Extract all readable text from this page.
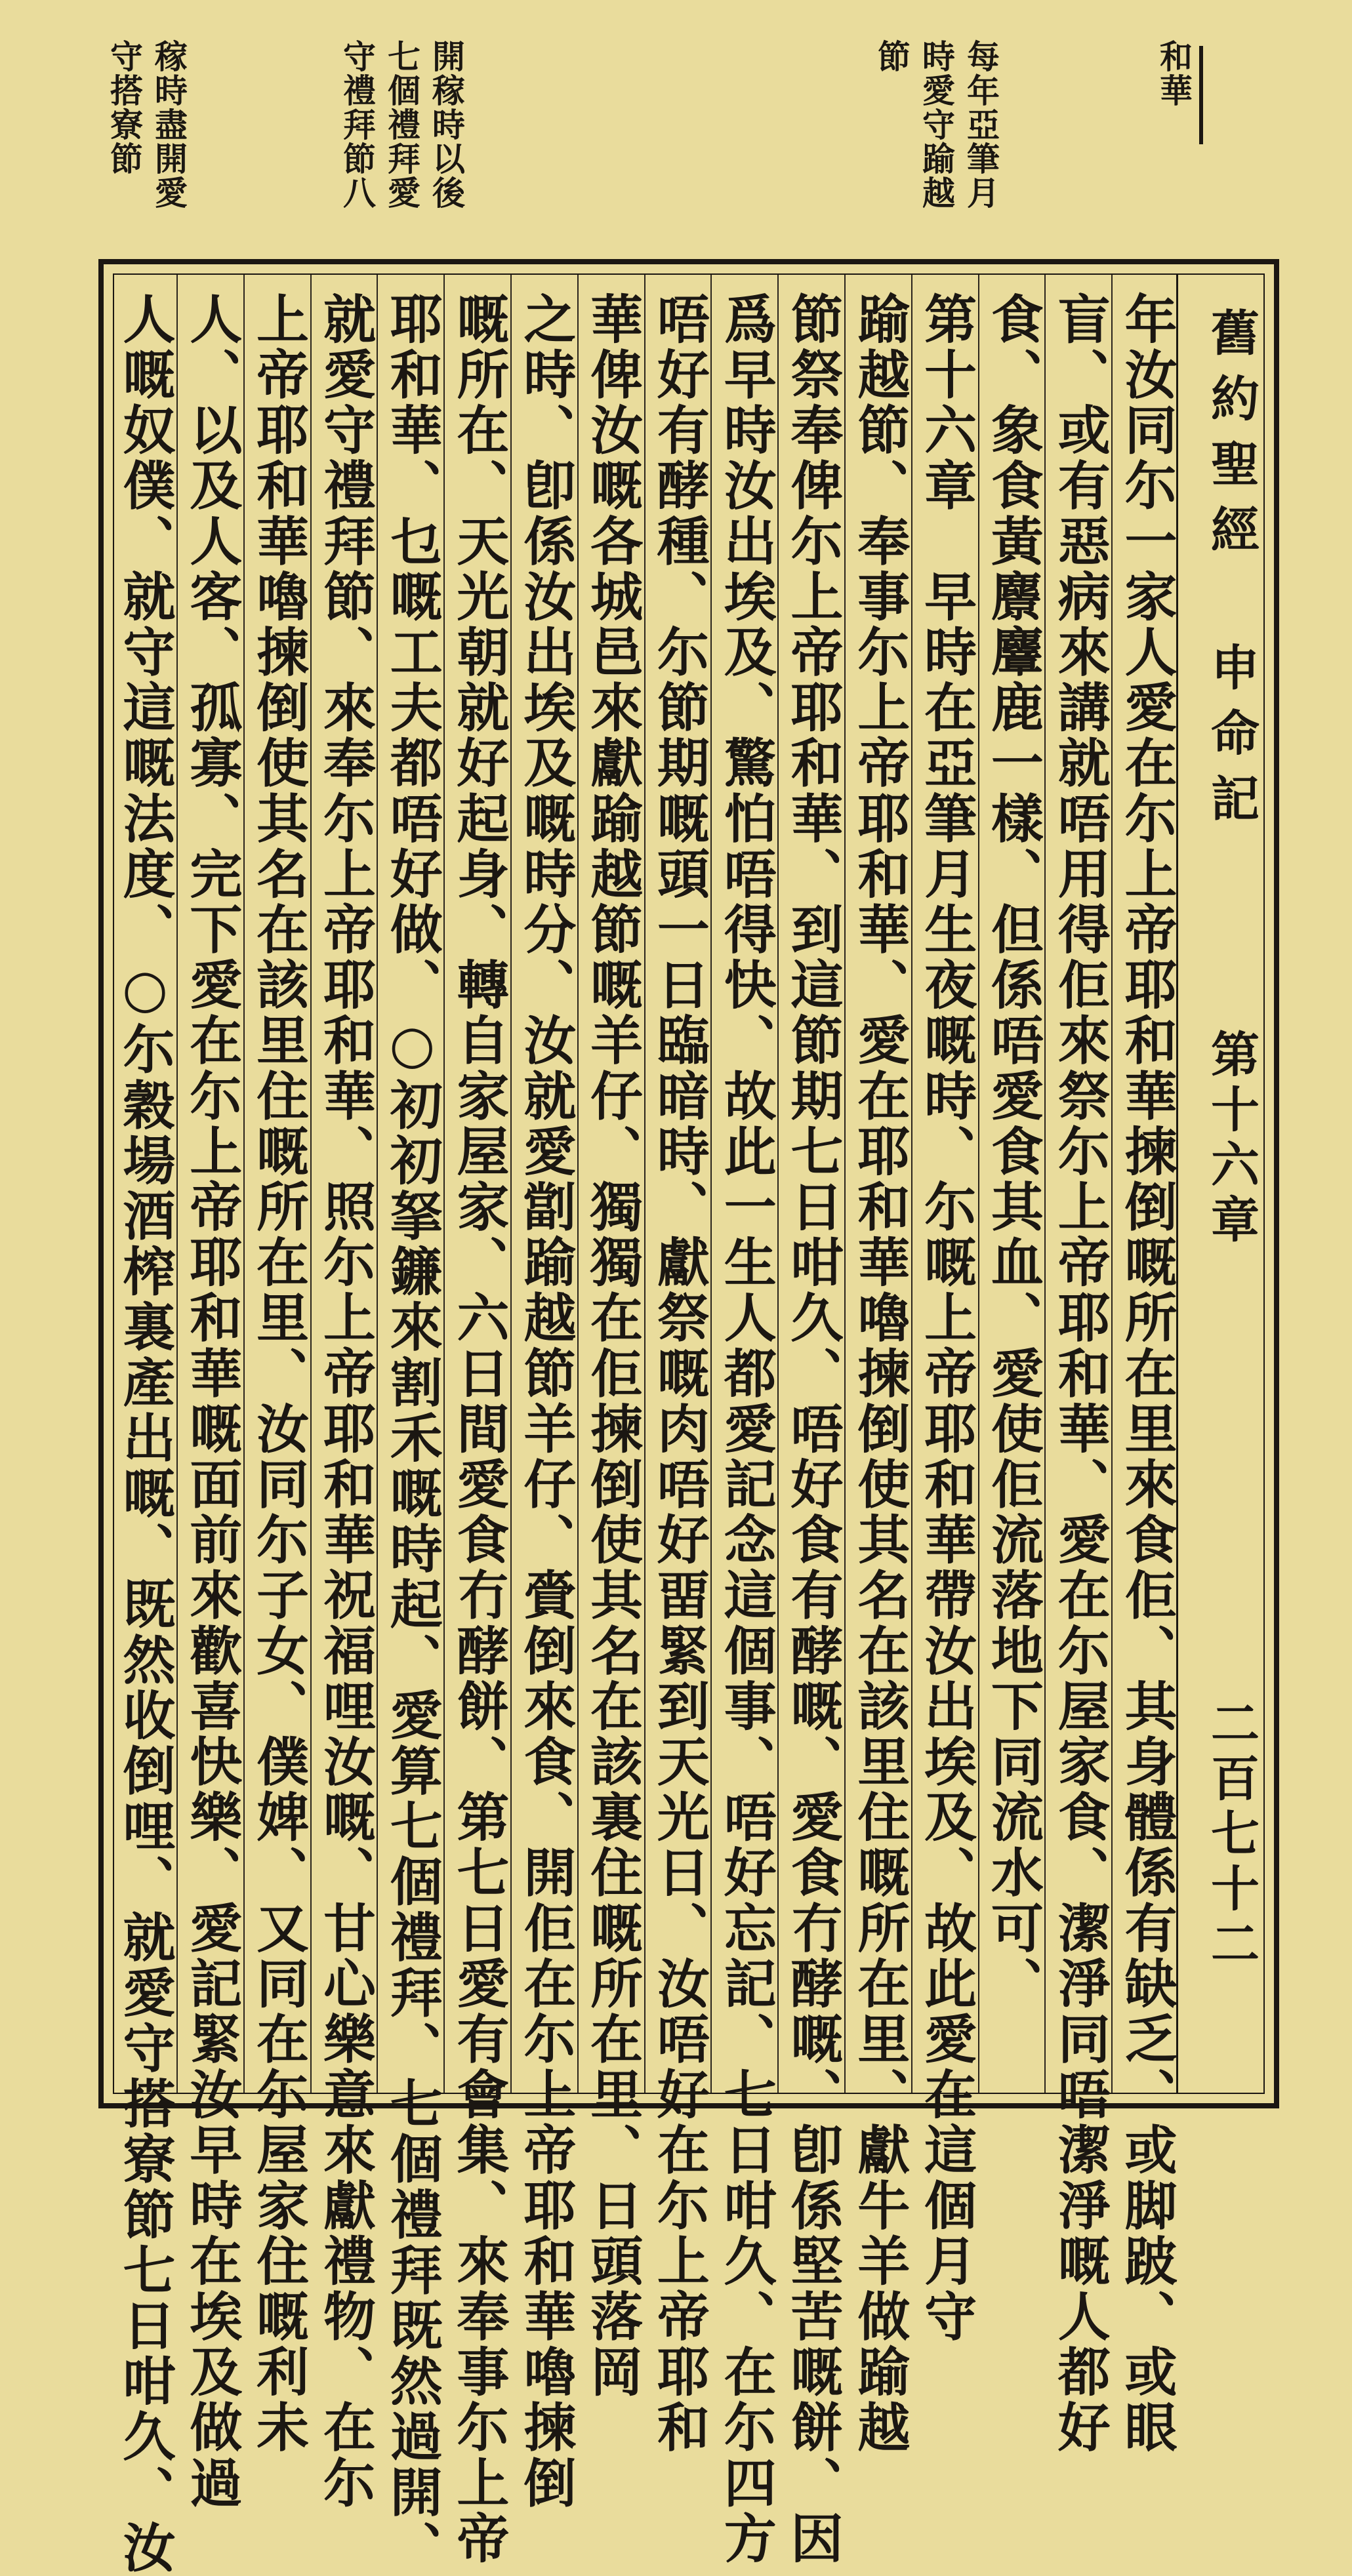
和華

每年亞筆月
時愛守踰越
節
開稼時以後
七個禮拜愛
守禮拜節八
稼時盡開愛
守搭寮節
舊約聖經
申命記
第十六章
二百七十二
年汝同尓一家人愛在尓上帝耶和華揀倒嘅所在里來食佢、其身體係有缺乏、或脚跛、或眼
盲、或有惡病來講就唔用得佢來祭尓上帝耶和華、愛在尓屋家食、潔淨同唔潔淨嘅人都好
食、象食黃麖麞鹿一樣、但係唔愛食其血、愛使佢流落地下同流水可、
第十六章　早時在亞筆月生夜嘅時、尓嘅上帝耶和華帶汝出埃及、故此愛在這個月守
踰越節、奉事尓上帝耶和華、愛在耶和華嚕揀倒使其名在該里住嘅所在里、獻牛羊做踰越
節祭奉俾尓上帝耶和華、到這節期七日咁久、唔好食有酵嘅、愛食冇酵嘅、卽係堅苦嘅餅、因
爲早時汝出埃及、驚怕唔得快、故此一生人都愛記念這個事、唔好忘記、七日咁久、在尓四方
唔好有酵種、尓節期嘅頭一日臨暗時、獻祭嘅肉唔好畱緊到天光日、汝唔好在尓上帝耶和
華俾汝嘅各城邑來獻踰越節嘅羊仔、獨獨在佢揀倒使其名在該裏住嘅所在里、日頭落岡
之時、卽係汝出埃及嘅時分、汝就愛劏踰越節羊仔、賫倒來食、開佢在尓上帝耶和華嚕揀倒
嘅所在、天光朝就好起身、轉自家屋家、六日間愛食冇酵餅、第七日愛有會集、來奉事尓上帝
耶和華、乜嘅工夫都唔好做、○初初拏鐮來割禾嘅時起、愛算七個禮拜、七個禮拜既然過開、
就愛守禮拜節、來奉尓上帝耶和華、照尓上帝耶和華祝福哩汝嘅、甘心樂意來獻禮物、在尓
上帝耶和華嚕揀倒使其名在該里住嘅所在里、汝同尓子女、僕婢、又同在尓屋家住嘅利未
人、以及人客、孤寡、完下愛在尓上帝耶和華嘅面前來歡喜快樂、愛記緊汝早時在埃及做過
人嘅奴僕、就守這嘅法度、○尓穀場酒榨裏產出嘅、既然收倒哩、就愛守搭寮節七日咁久、汝
